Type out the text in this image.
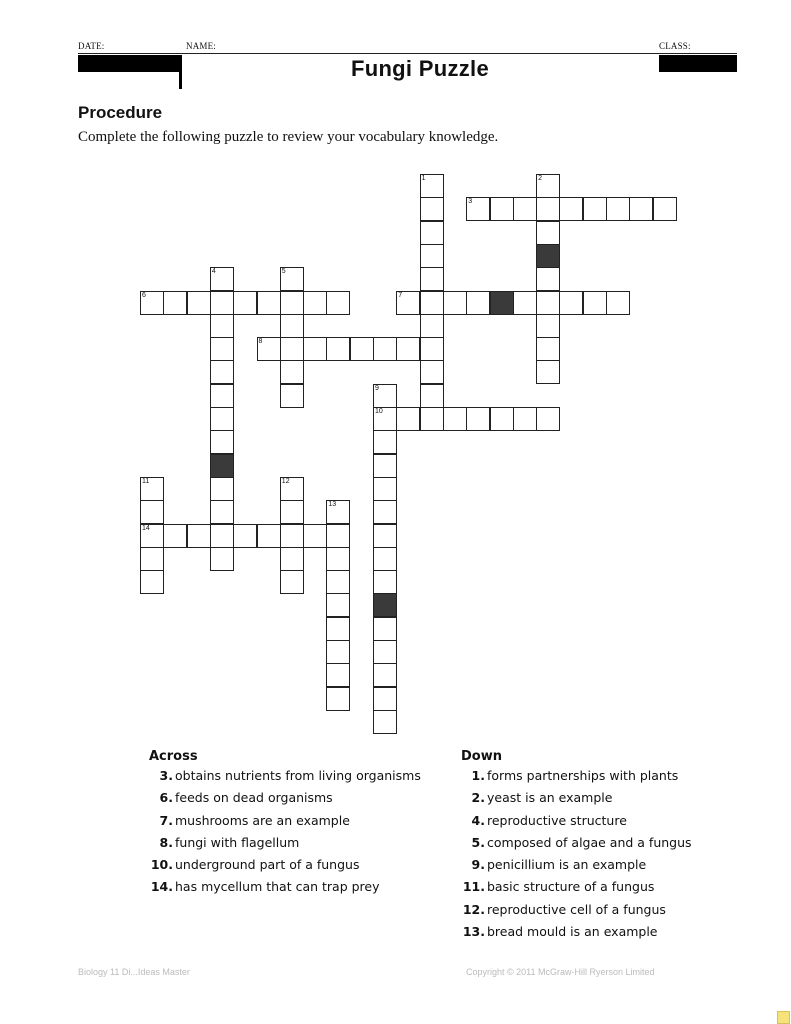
DATE:	NAME:	CLASS:
Fungi Puzzle
Procedure
Complete the following puzzle to review your vocabulary knowledge.
1	2
3
4	5
6	7
8
9
10
11
14
12
13
Across
3. obtains nutrients from living organisms
6. feeds on dead organisms
7. mushrooms are an example
8. fungi with flagellum
10. underground part of a fungus
14. has mycellum that can trap prey
Down
1. forms partnerships with plants
2. yeast is an example
4. reproductive structure
5. composed of algae and a fungus
9. penicillium is an example
11. basic structure of a fungus
12. reproductive cell of a fungus
13. bread mould is an example
Biology 11 Di...Ideas Master	Copyright © 2011 McGraw-Hill Ryerson Limited
